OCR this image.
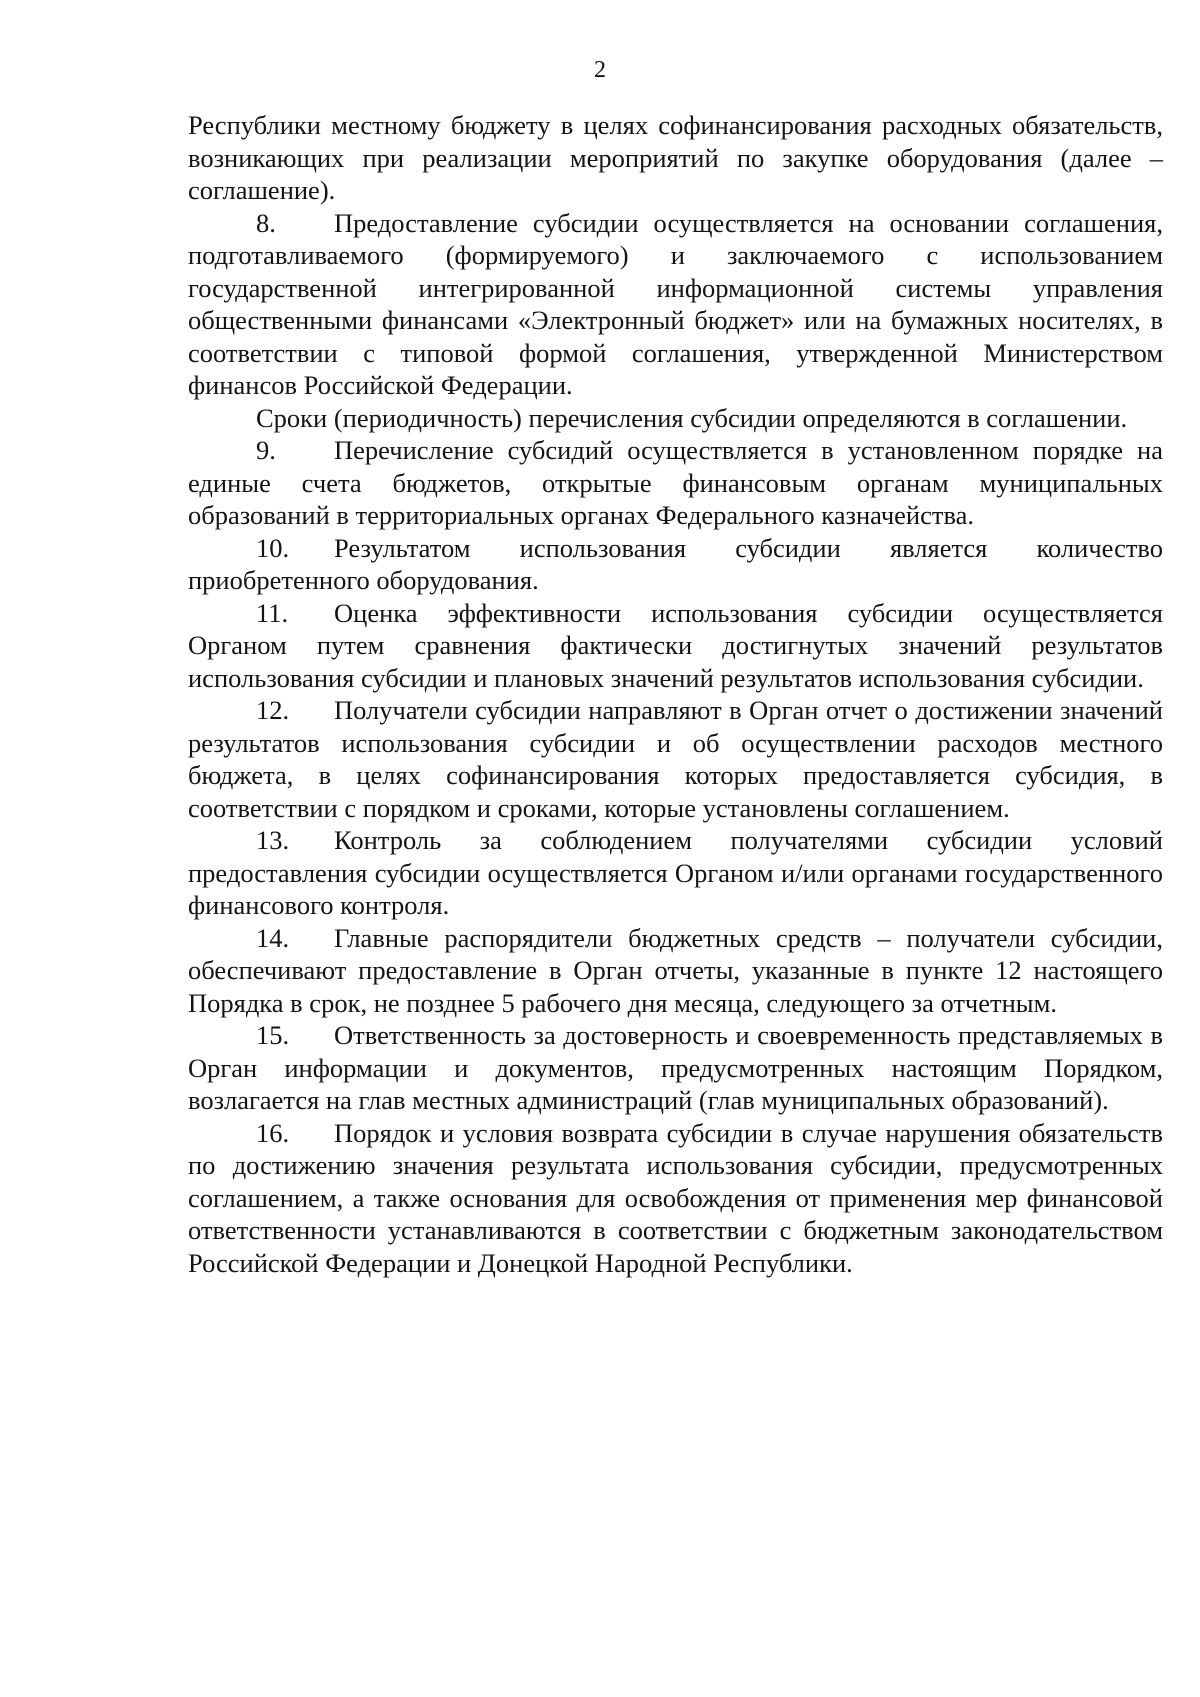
2

Республики местному бюджету в целях софинансирования расходных обязательств, возникающих при реализации мероприятий по закупке оборудования (далее – соглашение).

8. Предоставление субсидии осуществляется на основании соглашения, подготавливаемого (формируемого) и заключаемого с использованием государственной интегрированной информационной системы управления общественными финансами «Электронный бюджет» или на бумажных носителях, в соответствии с типовой формой соглашения, утвержденной Министерством финансов Российской Федерации.

Сроки (периодичность) перечисления субсидии определяются в соглашении.

9. Перечисление субсидий осуществляется в установленном порядке на единые счета бюджетов, открытые финансовым органам муниципальных образований в территориальных органах Федерального казначейства.

10. Результатом использования субсидии является количество приобретенного оборудования.

11. Оценка эффективности использования субсидии осуществляется Органом путем сравнения фактически достигнутых значений результатов использования субсидии и плановых значений результатов использования субсидии.

12. Получатели субсидии направляют в Орган отчет о достижении значений результатов использования субсидии и об осуществлении расходов местного бюджета, в целях софинансирования которых предоставляется субсидия, в соответствии с порядком и сроками, которые установлены соглашением.

13. Контроль за соблюдением получателями субсидии условий предоставления субсидии осуществляется Органом и/или органами государственного финансового контроля.

14. Главные распорядители бюджетных средств – получатели субсидии, обеспечивают предоставление в Орган отчеты, указанные в пункте 12 настоящего Порядка в срок, не позднее 5 рабочего дня месяца, следующего за отчетным.

15. Ответственность за достоверность и своевременность представляемых в Орган информации и документов, предусмотренных настоящим Порядком, возлагается на глав местных администраций (глав муниципальных образований).

16. Порядок и условия возврата субсидии в случае нарушения обязательств по достижению значения результата использования субсидии, предусмотренных соглашением, а также основания для освобождения от применения мер финансовой ответственности устанавливаются в соответствии с бюджетным законодательством Российской Федерации и Донецкой Народной Республики.
